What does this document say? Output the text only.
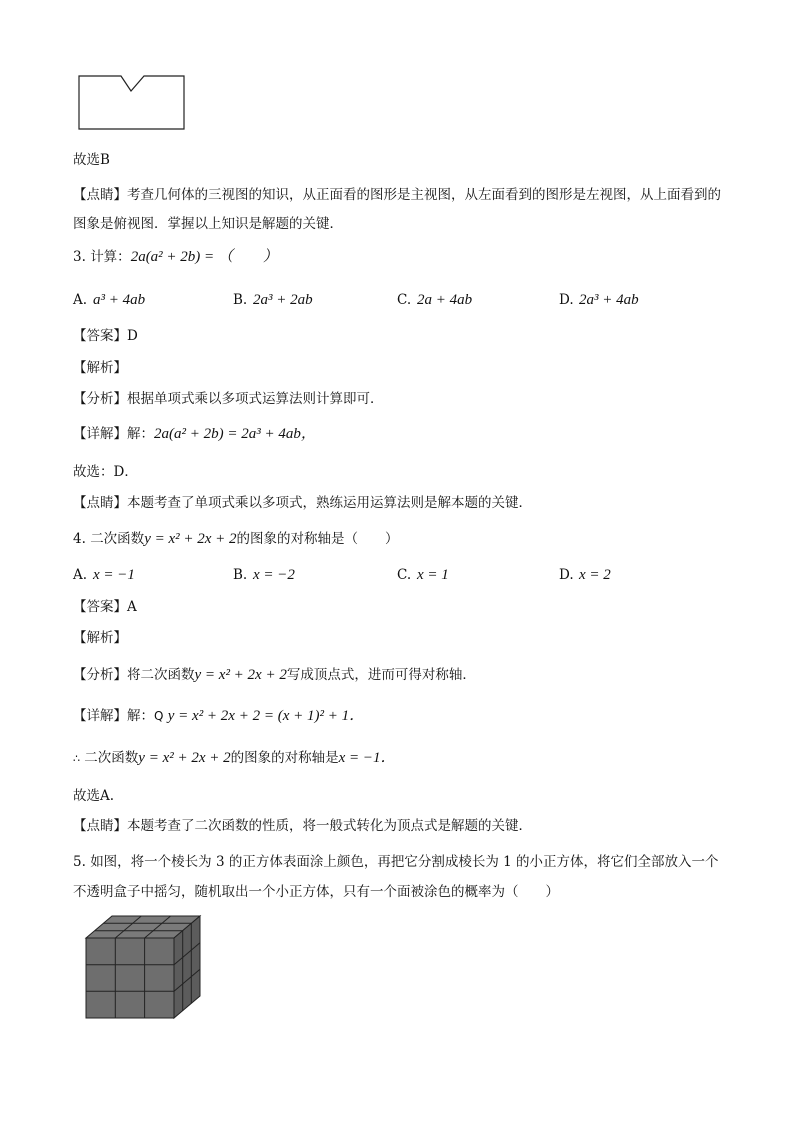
故选B
【点睛】考查几何体的三视图的知识，从正面看的图形是主视图，从左面看到的图形是左视图，从上面看到的图象是俯视图．掌握以上知识是解题的关键．
3. 计算：2a(a² + 2b) = （　　）
A. a³ + 4ab	B. 2a³ + 2ab	C. 2a + 4ab	D. 2a³ + 4ab
【答案】D
【解析】
【分析】根据单项式乘以多项式运算法则计算即可．
【详解】解：2a(a² + 2b) = 2a³ + 4ab，
故选：D．
【点睛】本题考查了单项式乘以多项式，熟练运用运算法则是解本题的关键．
4. 二次函数y = x² + 2x + 2的图象的对称轴是（　　）
A. x = −1	B. x = −2	C. x = 1	D. x = 2
【答案】A
【解析】
【分析】将二次函数y = x² + 2x + 2写成顶点式，进而可得对称轴．
【详解】解：Q y = x² + 2x + 2 = (x + 1)² + 1．
∴ 二次函数y = x² + 2x + 2的图象的对称轴是x = −1．
故选A.
【点睛】本题考查了二次函数的性质，将一般式转化为顶点式是解题的关键．
5. 如图，将一个棱长为 3 的正方体表面涂上颜色，再把它分割成棱长为 1 的小正方体，将它们全部放入一个不透明盒子中摇匀，随机取出一个小正方体，只有一个面被涂色的概率为（　　）
